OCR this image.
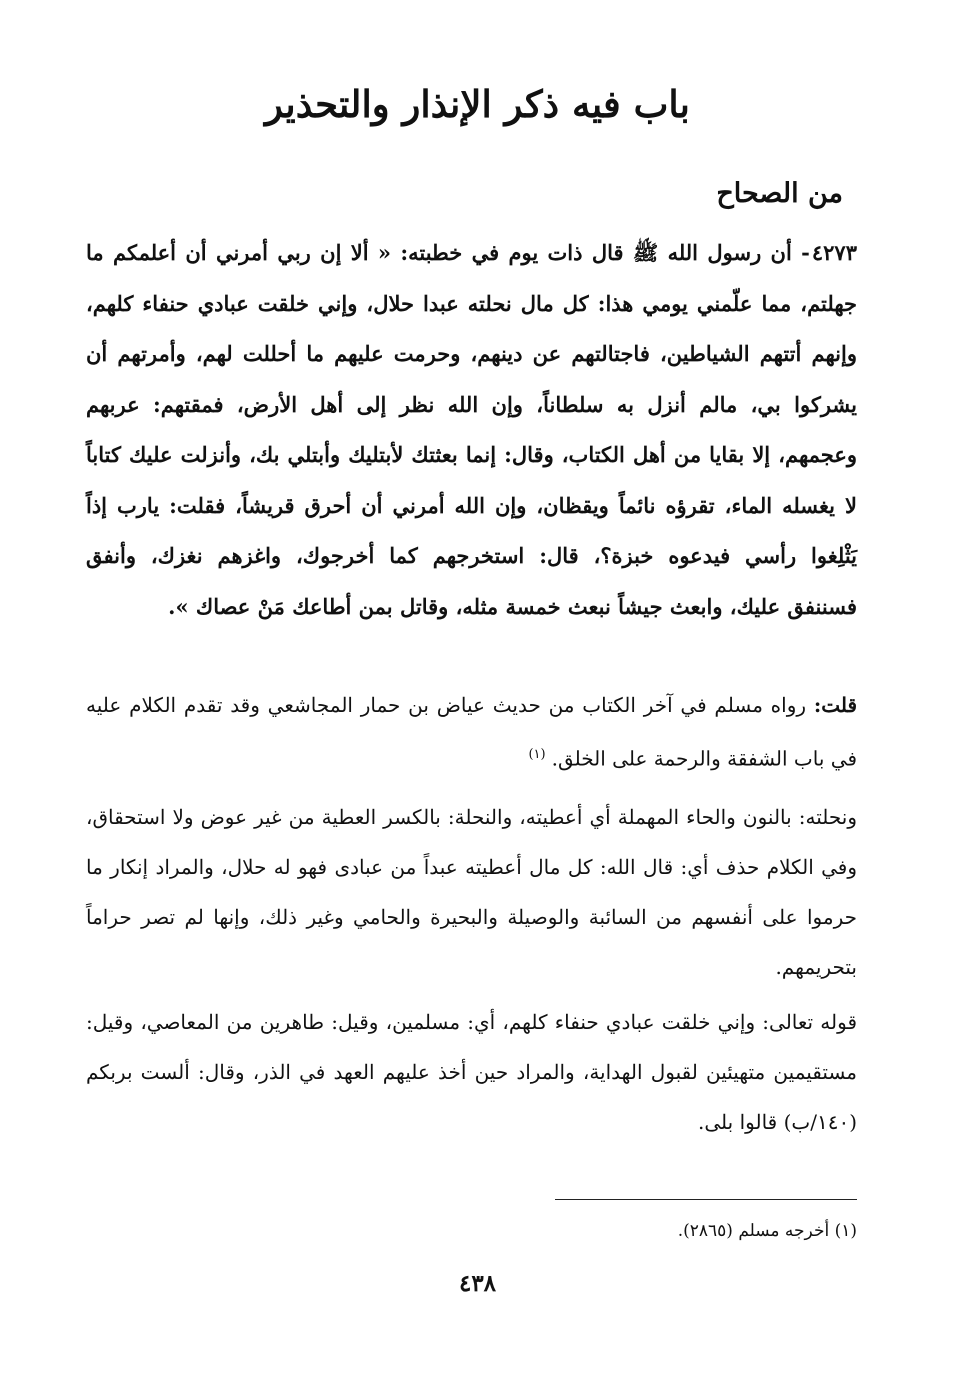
باب فيه ذكر الإنذار والتحذير
من الصحاح
٤٢٧٣- أن رسول الله ﷺ قال ذات يوم في خطبته: « ألا إن ربي أمرني أن أعلمكم ما جهلتم، مما علّمني يومي هذا: كل مال نحلته عبدا حلال، وإني خلقت عبادي حنفاء كلهم، وإنهم أتتهم الشياطين، فاجتالتهم عن دينهم، وحرمت عليهم ما أحللت لهم، وأمرتهم أن يشركوا بي، مالم أنزل به سلطاناً، وإن الله نظر إلى أهل الأرض، فمقتهم: عربهم وعجمهم، إلا بقايا من أهل الكتاب، وقال: إنما بعثتك لأبتليك وأبتلي بك، وأنزلت عليك كتاباً لا يغسله الماء، تقرؤه نائماً ويقظان، وإن الله أمرني أن أحرق قريشاً، فقلت: يارب إذاً يَثْلِغوا رأسي فيدعوه خبزة؟، قال: استخرجهم كما أخرجوك، واغزهم نغزك، وأنفق فسننفق عليك، وابعث جيشاً نبعث خمسة مثله، وقاتل بمن أطاعك مَنْ عصاك ».
قلت: رواه مسلم في آخر الكتاب من حديث عياض بن حمار المجاشعي وقد تقدم الكلام عليه في باب الشفقة والرحمة على الخلق.$^{(١)}$
ونحلته: بالنون والحاء المهملة أي أعطيته، والنحلة: بالكسر العطية من غير عوض ولا استحقاق، وفي الكلام حذف أي: قال الله: كل مال أعطيته عبداً من عبادى فهو له حلال، والمراد إنكار ما حرموا على أنفسهم من السائبة والوصيلة والبحيرة والحامي وغير ذلك، وإنها لم تصر حراماً بتحريمهم.
قوله تعالى: وإني خلقت عبادي حنفاء كلهم، أي: مسلمين، وقيل: طاهرين من المعاصي، وقيل: مستقيمين متهيئين لقبول الهداية، والمراد حين أخذ عليهم العهد في الذر، وقال: ألست بربكم (١٤٠/ب) قالوا بلى.
(١) أخرجه مسلم (٢٨٦٥).
٤٣٨
